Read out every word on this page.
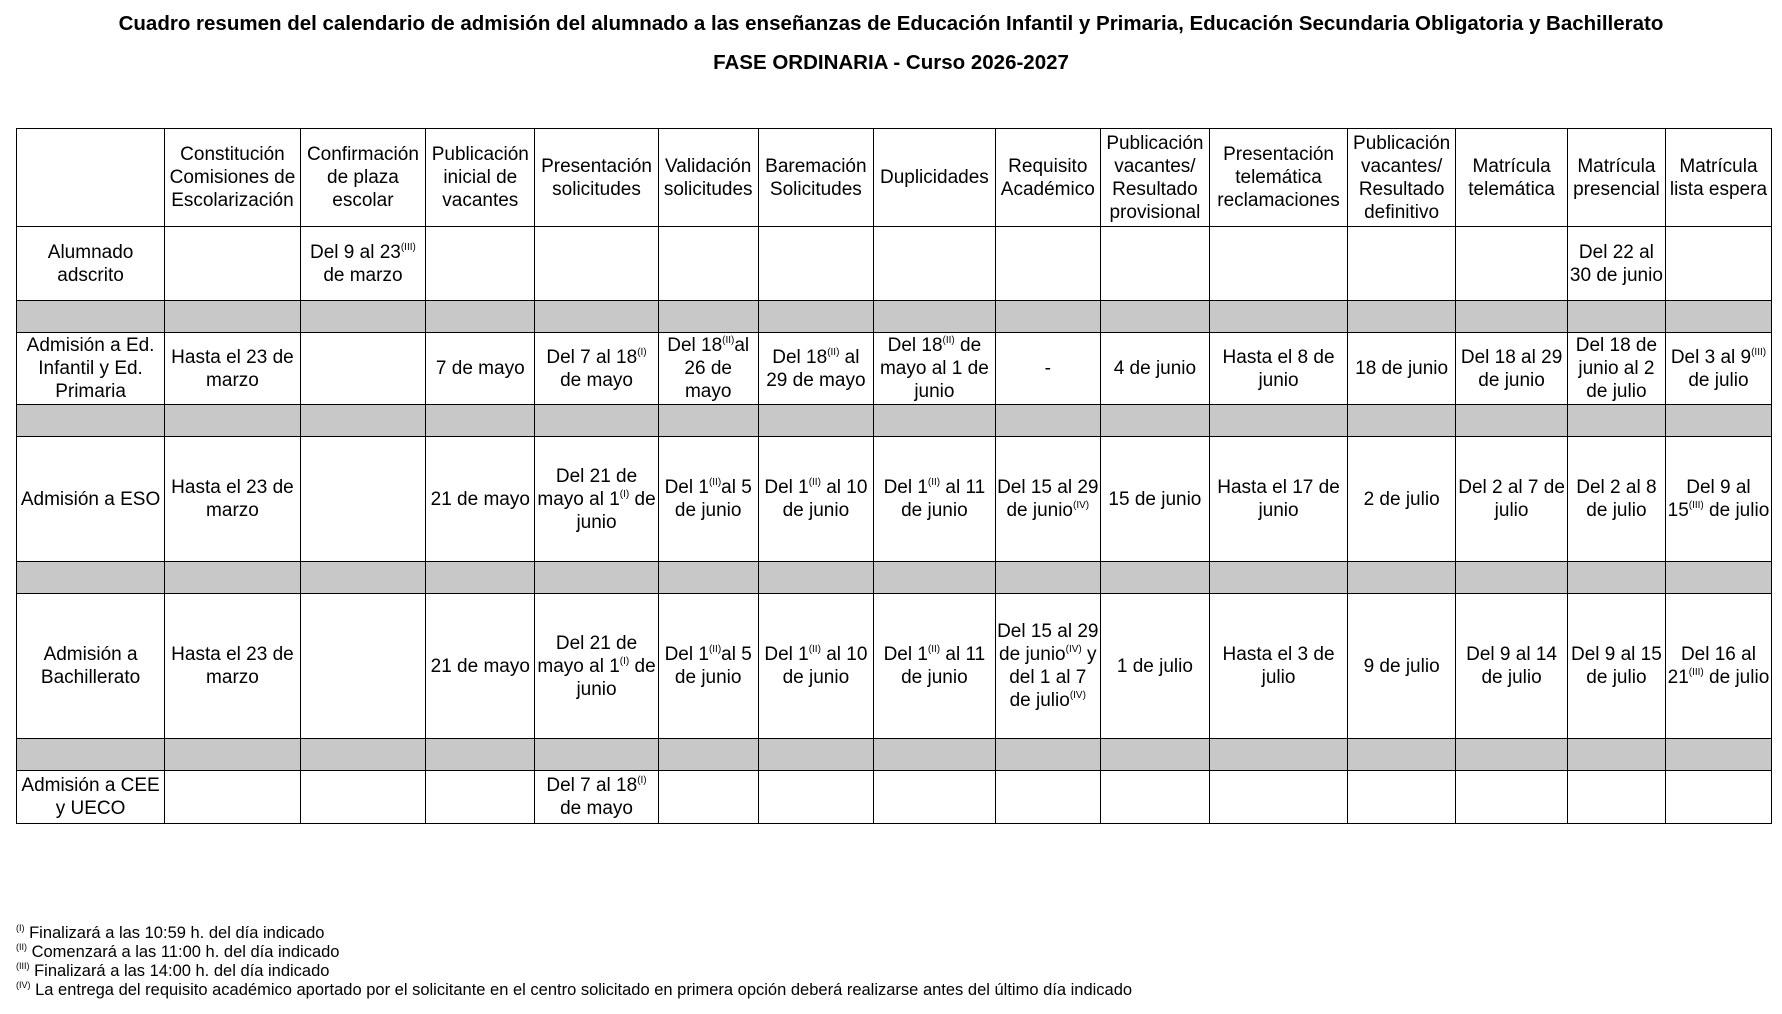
Cuadro resumen del calendario de admisión del alumnado a las enseñanzas de Educación Infantil y Primaria, Educación Secundaria Obligatoria y Bachillerato
FASE ORDINARIA - Curso 2026-2027
	Constitución Comisiones de Escolarización	Confirmación de plaza escolar	Publicación inicial de vacantes	Presentación solicitudes	Validación solicitudes	Baremación Solicitudes	Duplicidades	Requisito Académico	Publicación vacantes/ Resultado provisional	Presentación telemática reclamaciones	Publicación vacantes/ Resultado definitivo	Matrícula telemática	Matrícula presencial	Matrícula lista espera
Alumnado adscrito		Del 9 al $23^{(III)}$ de marzo											Del 22 al 30 de junio	

Admisión a Ed. Infantil y Ed. Primaria	Hasta el 23 de marzo		7 de mayo	Del 7 al $18^{(I)}$ de mayo	Del $18^{(II)}al$ 26 de mayo	Del $18^{(II)}$ al 29 de mayo	Del $18^{(II)}$ de mayo al 1 de junio	-	4 de junio	Hasta el 8 de junio	18 de junio	Del 18 al 29 de junio	Del 18 de junio al 2 de julio	Del 3 al $9^{(III)}$ de julio

Admisión a ESO	Hasta el 23 de marzo		21 de mayo	Del 21 de mayo al $1^{(I)}$ de junio	Del $1^{(II)}al$ 5 de junio	Del $1^{(II)}$ al 10 de junio	Del $1^{(II)}$ al 11 de junio	Del 15 al 29 de junio$^{(IV)}$	15 de junio	Hasta el 17 de junio	2 de julio	Del 2 al 7 de julio	Del 2 al 8 de julio	Del 9 al $15^{(III)}$ de julio

Admisión a Bachillerato	Hasta el 23 de marzo		21 de mayo	Del 21 de mayo al $1^{(I)}$ de junio	Del $1^{(II)}al$ 5 de junio	Del $1^{(II)}$ al 10 de junio	Del $1^{(II)}$ al 11 de junio	Del 15 al 29 de junio$^{(IV)}$ y del 1 al 7 de julio$^{(IV)}$	1 de julio	Hasta el 3 de julio	9 de julio	Del 9 al 14 de julio	Del 9 al 15 de julio	Del 16 al $21^{(III)}$ de julio

Admisión a CEE y UECO				Del 7 al $18^{(I)}$ de mayo										
$^{(I)}$ Finalizará a las 10:59 h. del día indicado
$^{(II)}$ Comenzará a las 11:00 h. del día indicado
$^{(III)}$ Finalizará a las 14:00 h. del día indicado
$^{(IV)}$ La entrega del requisito académico aportado por el solicitante en el centro solicitado en primera opción deberá realizarse antes del último día indicado
